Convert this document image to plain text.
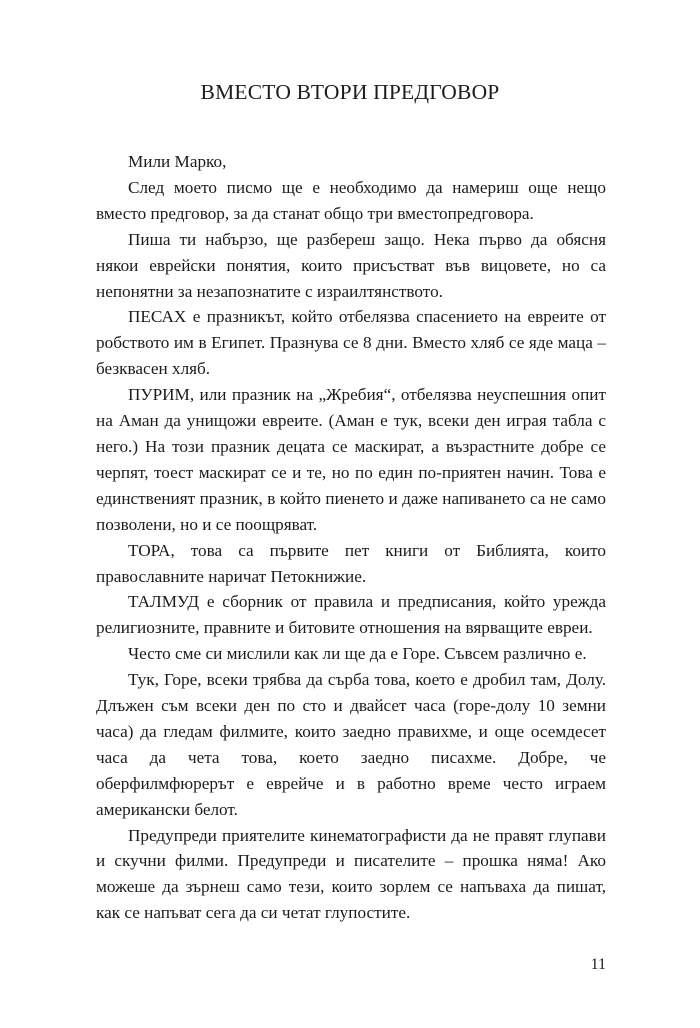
ВМЕСТО ВТОРИ ПРЕДГОВОР

Мили Марко,

След моето писмо ще е необходимо да намериш още нещо вместо предговор, за да станат общо три вместопредговора.

Пиша ти набързо, ще разбереш защо. Нека първо да обясня някои еврейски понятия, които присъстват във вицовете, но са непонятни за незапознатите с израилтянството.

ПЕСАХ е празникът, който отбелязва спасението на евреите от робството им в Египет. Празнува се 8 дни. Вместо хляб се яде маца – безквасен хляб.

ПУРИМ, или празник на „Жребия“, отбелязва неуспешния опит на Аман да унищожи евреите. (Аман е тук, всеки ден играя табла с него.) На този празник децата се маскират, а възрастните добре се черпят, тоест маскират се и те, но по един по-приятен начин. Това е единственият празник, в който пиенето и даже напиването са не само позволени, но и се поощряват.

ТОРА, това са първите пет книги от Библията, които православните наричат Петокнижие.

ТАЛМУД е сборник от правила и предписания, който урежда религиозните, правните и битовите отношения на вярващите евреи.

Често сме си мислили как ли ще да е Горе. Съвсем различно е.

Тук, Горе, всеки трябва да сърба това, което е дробил там, Долу. Длъжен съм всеки ден по сто и двайсет часа (горе-долу 10 земни часа) да гледам филмите, които заедно правихме, и още осемдесет часа да чета това, което заедно писахме. Добре, че оберфилмфюрерът е еврейче и в работно време често играем американски белот.

Предупреди приятелите кинематографисти да не правят глупави и скучни филми. Предупреди и писателите – прошка няма! Ако можеше да зърнеш само тези, които зорлем се напъваха да пишат, как се напъват сега да си четат глупостите.

11
